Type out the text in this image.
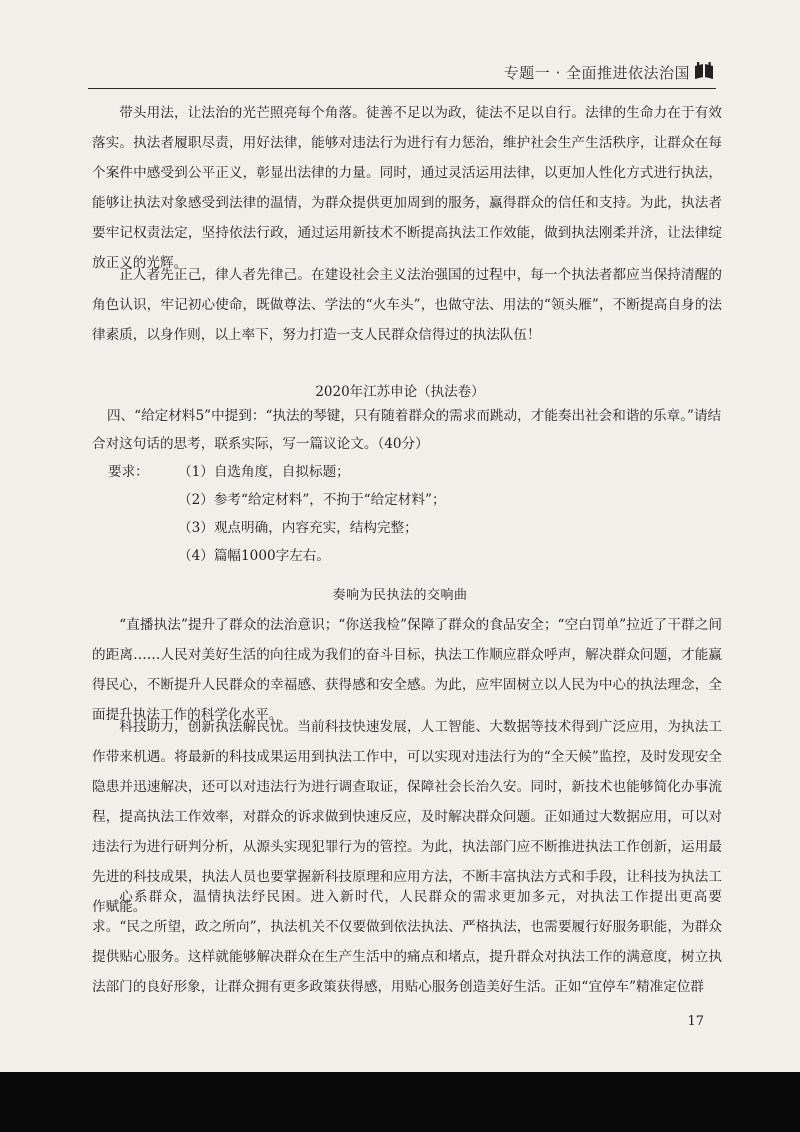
专题一 · 全面推进依法治国

带头用法，让法治的光芒照亮每个角落。徒善不足以为政，徒法不足以自行。法律的生命力在于有效落实。执法者履职尽责，用好法律，能够对违法行为进行有力惩治，维护社会生产生活秩序，让群众在每个案件中感受到公平正义，彰显出法律的力量。同时，通过灵活运用法律，以更加人性化方式进行执法，能够让执法对象感受到法律的温情，为群众提供更加周到的服务，赢得群众的信任和支持。为此，执法者要牢记权责法定，坚持依法行政，通过运用新技术不断提高执法工作效能，做到执法刚柔并济，让法律绽放正义的光辉。

正人者先正己，律人者先律己。在建设社会主义法治强国的过程中，每一个执法者都应当保持清醒的角色认识，牢记初心使命，既做尊法、学法的“火车头”，也做守法、用法的“领头雁”，不断提高自身的法律素质，以身作则，以上率下，努力打造一支人民群众信得过的执法队伍！

2020年江苏申论（执法卷）

四、“给定材料5”中提到：“执法的琴键，只有随着群众的需求而跳动，才能奏出社会和谐的乐章。”请结合对这句话的思考，联系实际，写一篇议论文。（40分）

要求： （1）自选角度，自拟标题；
（2）参考“给定材料”，不拘于“给定材料”；
（3）观点明确，内容充实，结构完整；
（4）篇幅1000字左右。

奏响为民执法的交响曲

“直播执法”提升了群众的法治意识；“你送我检”保障了群众的食品安全；“空白罚单”拉近了干群之间的距离……人民对美好生活的向往成为我们的奋斗目标，执法工作顺应群众呼声，解决群众问题，才能赢得民心，不断提升人民群众的幸福感、获得感和安全感。为此，应牢固树立以人民为中心的执法理念，全面提升执法工作的科学化水平。

科技助力，创新执法解民忧。当前科技快速发展，人工智能、大数据等技术得到广泛应用，为执法工作带来机遇。将最新的科技成果运用到执法工作中，可以实现对违法行为的“全天候”监控，及时发现安全隐患并迅速解决，还可以对违法行为进行调查取证，保障社会长治久安。同时，新技术也能够简化办事流程，提高执法工作效率，对群众的诉求做到快速反应，及时解决群众问题。正如通过大数据应用，可以对违法行为进行研判分析，从源头实现犯罪行为的管控。为此，执法部门应不断推进执法工作创新，运用最先进的科技成果，执法人员也要掌握新科技原理和应用方法，不断丰富执法方式和手段，让科技为执法工作赋能。

心系群众，温情执法纾民困。进入新时代，人民群众的需求更加多元，对执法工作提出更高要求。“民之所望，政之所向”，执法机关不仅要做到依法执法、严格执法，也需要履行好服务职能，为群众提供贴心服务。这样就能够解决群众在生产生活中的痛点和堵点，提升群众对执法工作的满意度，树立执法部门的良好形象，让群众拥有更多政策获得感，用贴心服务创造美好生活。正如“宜停车”精准定位群

17
